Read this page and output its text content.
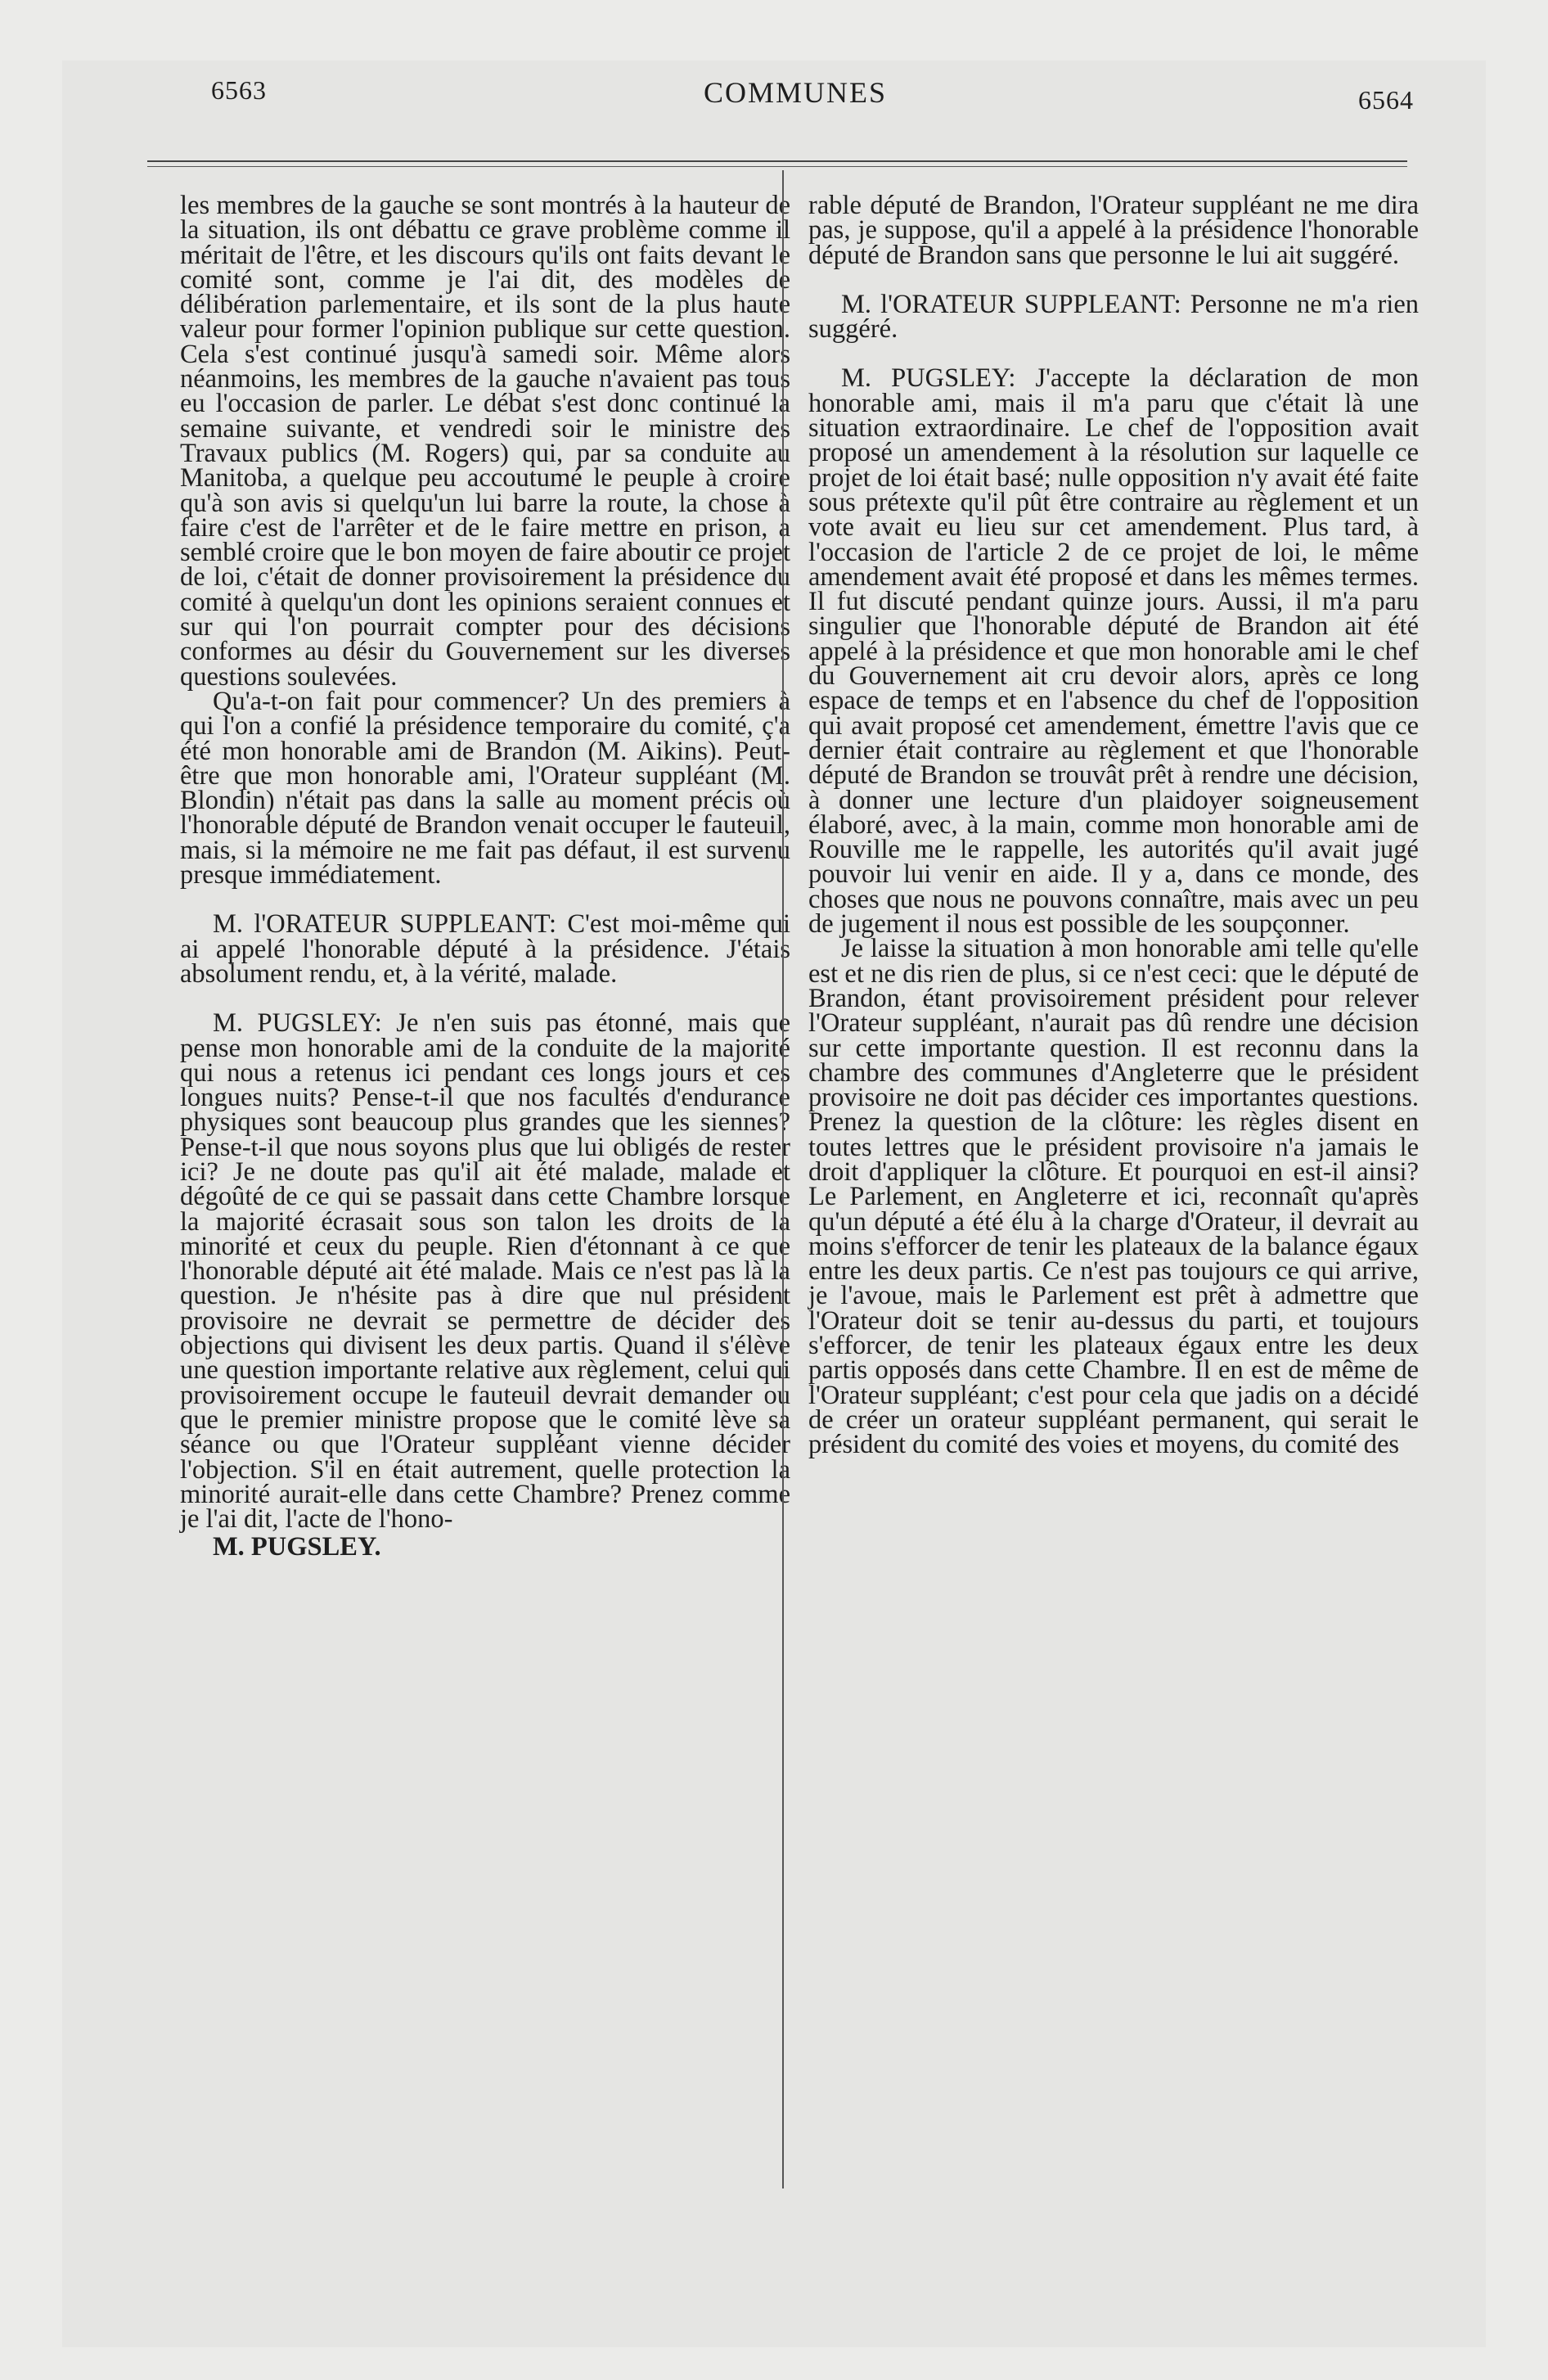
6563	COMMUNES	6564

les membres de la gauche se sont montrés à la hauteur de la situation, ils ont débattu ce grave problème comme il méritait de l'être, et les discours qu'ils ont faits devant le comité sont, comme je l'ai dit, des modèles de délibération parlementaire, et ils sont de la plus haute valeur pour former l'opinion publique sur cette question. Cela s'est continué jusqu'à samedi soir. Même alors néanmoins, les membres de la gauche n'avaient pas tous eu l'occasion de parler. Le débat s'est donc continué la semaine suivante, et vendredi soir le ministre des Travaux publics (M. Rogers) qui, par sa conduite au Manitoba, a quelque peu accoutumé le peuple à croire qu'à son avis si quelqu'un lui barre la route, la chose à faire c'est de l'arrêter et de le faire mettre en prison, a semblé croire que le bon moyen de faire aboutir ce projet de loi, c'était de donner provisoirement la présidence du comité à quelqu'un dont les opinions seraient connues et sur qui l'on pourrait compter pour des décisions conformes au désir du Gouvernement sur les diverses questions soulevées.

Qu'a-t-on fait pour commencer? Un des premiers à qui l'on a confié la présidence temporaire du comité, ç'a été mon honorable ami de Brandon (M. Aikins). Peut-être que mon honorable ami, l'Orateur suppléant (M. Blondin) n'était pas dans la salle au moment précis où l'honorable député de Brandon venait occuper le fauteuil, mais, si la mémoire ne me fait pas défaut, il est survenu presque immédiatement.

M. l'ORATEUR SUPPLEANT: C'est moi-même qui ai appelé l'honorable député à la présidence. J'étais absolument rendu, et, à la vérité, malade.

M. PUGSLEY: Je n'en suis pas étonné, mais que pense mon honorable ami de la conduite de la majorité qui nous a retenus ici pendant ces longs jours et ces longues nuits? Pense-t-il que nos facultés d'endurance physiques sont beaucoup plus grandes que les siennes? Pense-t-il que nous soyons plus que lui obligés de rester ici? Je ne doute pas qu'il ait été malade, malade et dégoûté de ce qui se passait dans cette Chambre lorsque la majorité écrasait sous son talon les droits de la minorité et ceux du peuple. Rien d'étonnant à ce que l'honorable député ait été malade. Mais ce n'est pas là la question. Je n'hésite pas à dire que nul président provisoire ne devrait se permettre de décider des objections qui divisent les deux partis. Quand il s'élève une question importante relative aux règlement, celui qui provisoirement occupe le fauteuil devrait demander ou que le premier ministre propose que le comité lève sa séance ou que l'Orateur suppléant vienne décider l'objection. S'il en était autrement, quelle protection la minorité aurait-elle dans cette Chambre? Prenez comme je l'ai dit, l'acte de l'hono-

M. PUGSLEY.

rable député de Brandon, l'Orateur suppléant ne me dira pas, je suppose, qu'il a appelé à la présidence l'honorable député de Brandon sans que personne le lui ait suggéré.

M. l'ORATEUR SUPPLEANT: Personne ne m'a rien suggéré.

M. PUGSLEY: J'accepte la déclaration de mon honorable ami, mais il m'a paru que c'était là une situation extraordinaire. Le chef de l'opposition avait proposé un amendement à la résolution sur laquelle ce projet de loi était basé; nulle opposition n'y avait été faite sous prétexte qu'il pût être contraire au règlement et un vote avait eu lieu sur cet amendement. Plus tard, à l'occasion de l'article 2 de ce projet de loi, le même amendement avait été proposé et dans les mêmes termes. Il fut discuté pendant quinze jours. Aussi, il m'a paru singulier que l'honorable député de Brandon ait été appelé à la présidence et que mon honorable ami le chef du Gouvernement ait cru devoir alors, après ce long espace de temps et en l'absence du chef de l'opposition qui avait proposé cet amendement, émettre l'avis que ce dernier était contraire au règlement et que l'honorable député de Brandon se trouvât prêt à rendre une décision, à donner une lecture d'un plaidoyer soigneusement élaboré, avec, à la main, comme mon honorable ami de Rouville me le rappelle, les autorités qu'il avait jugé pouvoir lui venir en aide. Il y a, dans ce monde, des choses que nous ne pouvons connaître, mais avec un peu de jugement il nous est possible de les soupçonner.

Je laisse la situation à mon honorable ami telle qu'elle est et ne dis rien de plus, si ce n'est ceci: que le député de Brandon, étant provisoirement président pour relever l'Orateur suppléant, n'aurait pas dû rendre une décision sur cette importante question. Il est reconnu dans la chambre des communes d'Angleterre que le président provisoire ne doit pas décider ces importantes questions. Prenez la question de la clôture: les règles disent en toutes lettres que le président provisoire n'a jamais le droit d'appliquer la clôture. Et pourquoi en est-il ainsi? Le Parlement, en Angleterre et ici, reconnaît qu'après qu'un député a été élu à la charge d'Orateur, il devrait au moins s'efforcer de tenir les plateaux de la balance égaux entre les deux partis. Ce n'est pas toujours ce qui arrive, je l'avoue, mais le Parlement est prêt à admettre que l'Orateur doit se tenir au-dessus du parti, et toujours s'efforcer, de tenir les plateaux égaux entre les deux partis opposés dans cette Chambre. Il en est de même de l'Orateur suppléant; c'est pour cela que jadis on a décidé de créer un orateur suppléant permanent, qui serait le président du comité des voies et moyens, du comité des
